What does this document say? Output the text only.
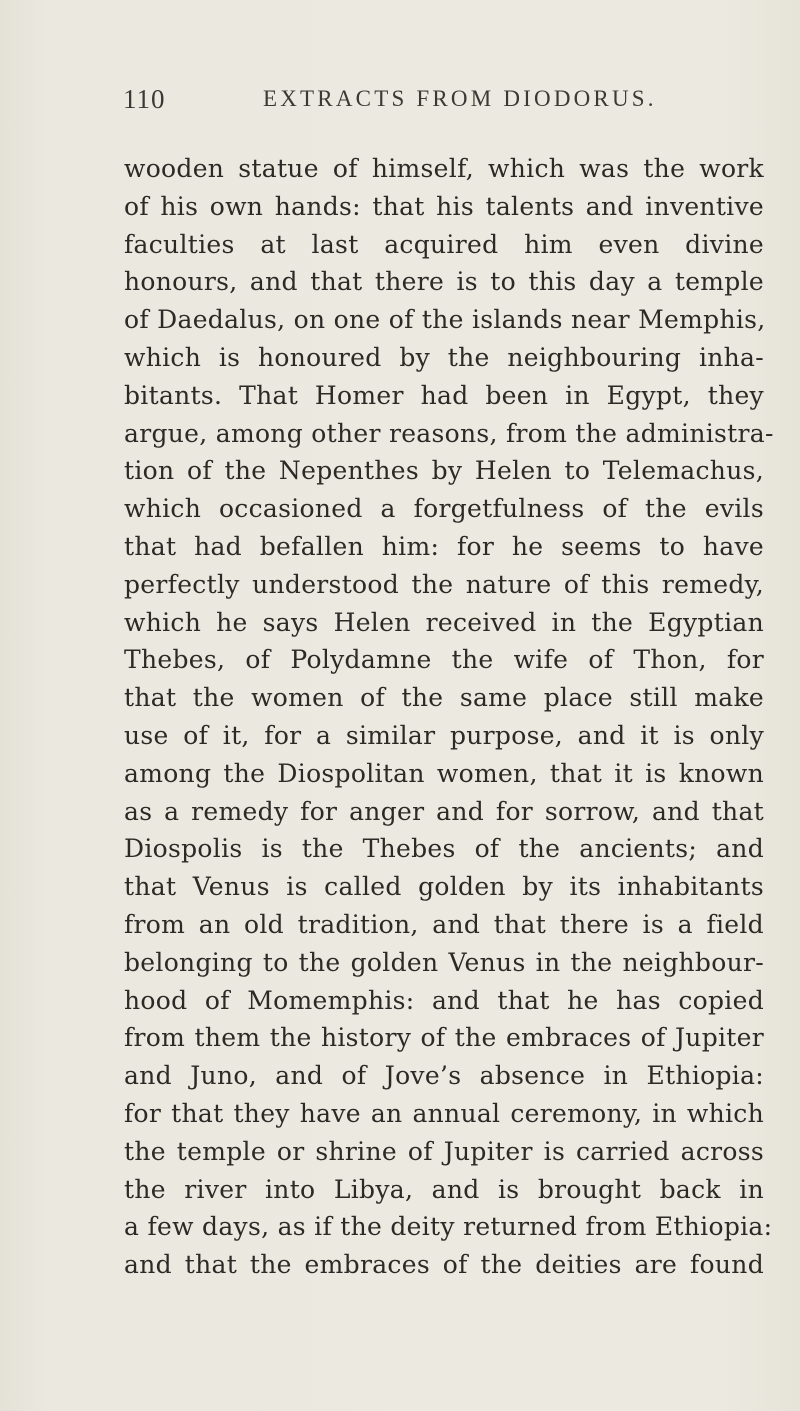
110	EXTRACTS FROM DIODORUS.
wooden statue of himself, which was the work
of his own hands: that his talents and inventive
faculties at last acquired him even divine
honours, and that there is to this day a temple
of Daedalus, on one of the islands near Memphis,
which is honoured by the neighbouring inha-
bitants. That Homer had been in Egypt, they
argue, among other reasons, from the administra-
tion of the Nepenthes by Helen to Telemachus,
which occasioned a forgetfulness of the evils
that had befallen him: for he seems to have
perfectly understood the nature of this remedy,
which he says Helen received in the Egyptian
Thebes, of Polydamne the wife of Thon, for
that the women of the same place still make
use of it, for a similar purpose, and it is only
among the Diospolitan women, that it is known
as a remedy for anger and for sorrow, and that
Diospolis is the Thebes of the ancients; and
that Venus is called golden by its inhabitants
from an old tradition, and that there is a field
belonging to the golden Venus in the neighbour-
hood of Momemphis: and that he has copied
from them the history of the embraces of Jupiter
and Juno, and of Jove’s absence in Ethiopia:
for that they have an annual ceremony, in which
the temple or shrine of Jupiter is carried across
the river into Libya, and is brought back in
a few days, as if the deity returned from Ethiopia:
and that the embraces of the deities are found
